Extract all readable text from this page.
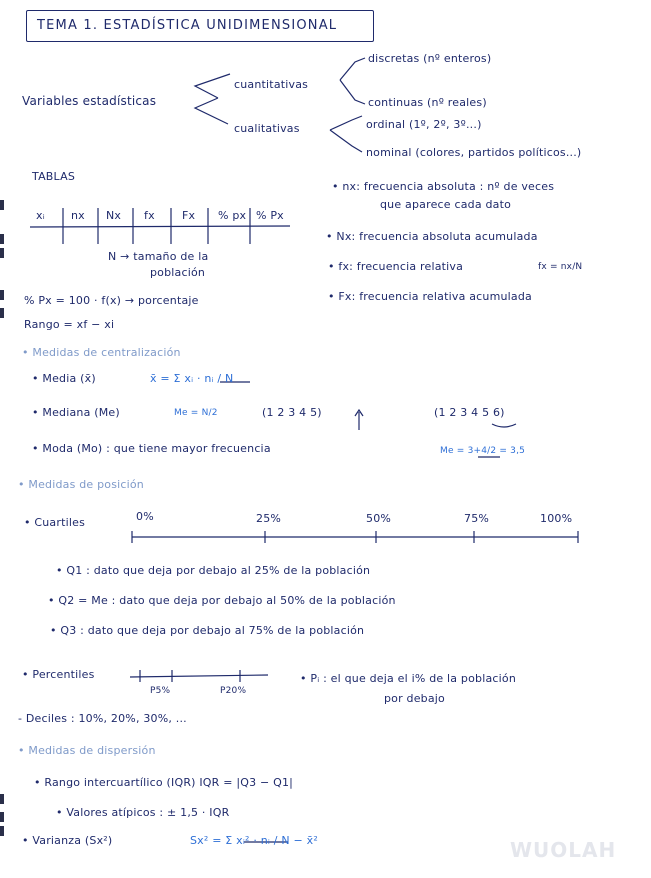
TEMA 1. ESTADÍSTICA UNIDIMENSIONAL
Variables estadísticas
cuantitativas
cualitativas
discretas (nº enteros)
continuas (nº reales)
ordinal (1º, 2º, 3º...)
nominal (colores, partidos políticos...)
TABLAS
xᵢ nx Nx fx Fx % px % Px
N → tamaño de la
población
% Px = 100 · f(x) → porcentaje
Rango = xf − xi
• nx: frecuencia absoluta : nº de veces
que aparece cada dato
• Nx: frecuencia absoluta acumulada
• fx: frecuencia relativa	fx = nx/N
• Fx: frecuencia relativa acumulada
• Medidas de centralización
• Media (x̄)	x̄ = Σ xᵢ · nᵢ / N
• Mediana (Me)	Me = N/2	(1 2 3 4 5)	(1 2 3 4 5 6)
Me = 3+4/2 = 3,5
• Moda (Mo) : que tiene mayor frecuencia
• Medidas de posición
• Cuartiles	0%	25%	50%	75%	100%
• Q1 : dato que deja por debajo al 25% de la población
• Q2 = Me : dato que deja por debajo al 50% de la población
• Q3 : dato que deja por debajo al 75% de la población
• Percentiles
P5%	P20%
• Pᵢ : el que deja el i% de la población
por debajo
- Deciles : 10%, 20%, 30%, ...
• Medidas de dispersión
• Rango intercuartílico (IQR) IQR = |Q3 − Q1|
• Valores atípicos : ± 1,5 · IQR
• Varianza (Sx²)	Sx² = Σ xᵢ² · nᵢ / N − x̄²	WUOLAH
